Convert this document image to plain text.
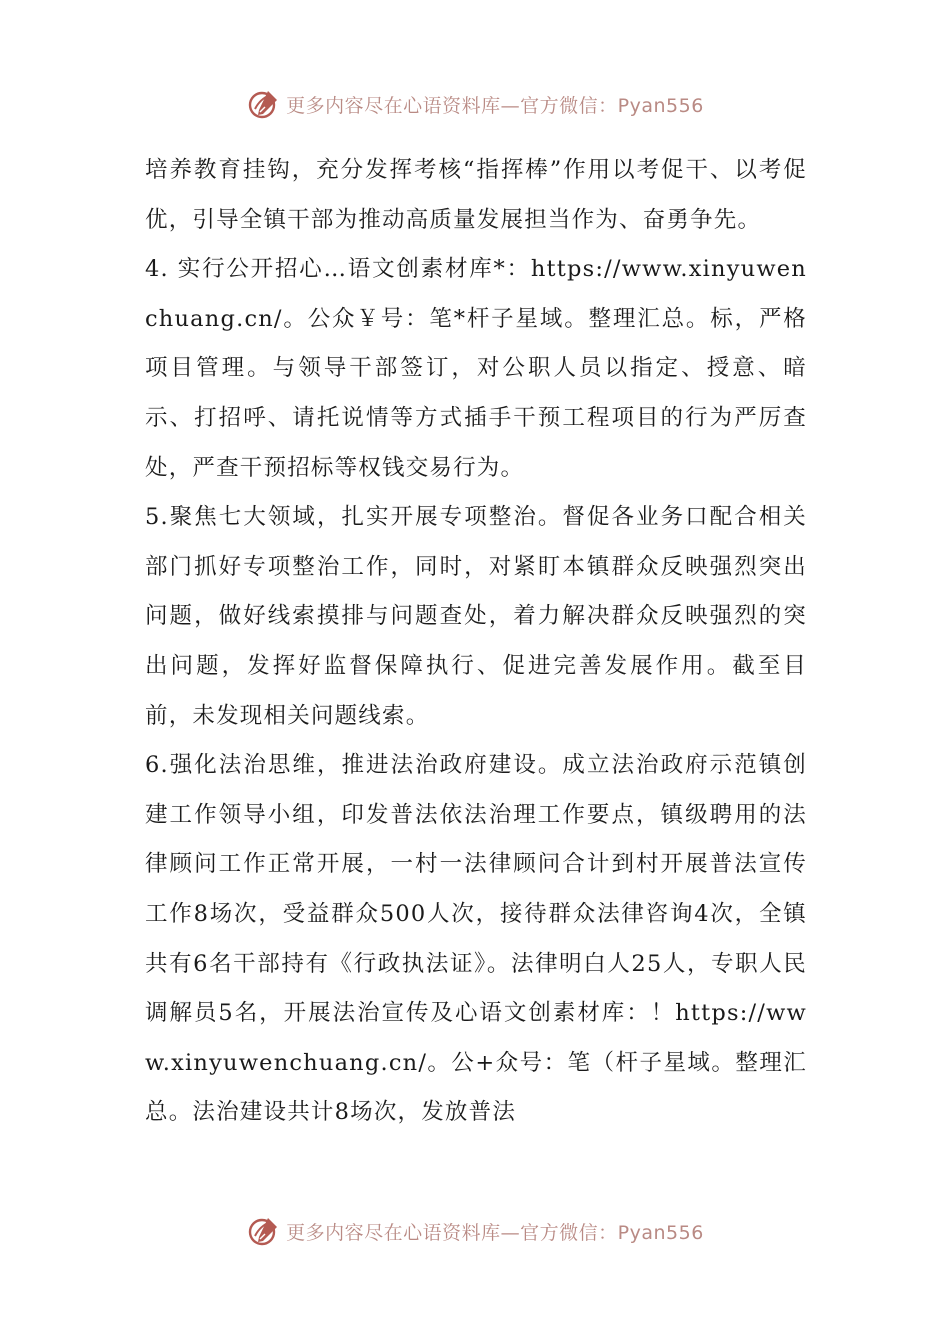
更多内容尽在心语资料库—官方微信：Pyan556

培养教育挂钩，充分发挥考核“指挥棒”作用以考促干、以考促优，引导全镇干部为推动高质量发展担当作为、奋勇争先。

4. 实行公开招心…语文创素材库*：https://www.xinyuwenchuang.cn/。公众￥号：笔*杆子星域。整理汇总。标，严格项目管理。与领导干部签订，对公职人员以指定、授意、暗示、打招呼、请托说情等方式插手干预工程项目的行为严厉查处，严查干预招标等权钱交易行为。

5.聚焦七大领域，扎实开展专项整治。督促各业务口配合相关部门抓好专项整治工作，同时，对紧盯本镇群众反映强烈突出问题，做好线索摸排与问题查处，着力解决群众反映强烈的突出问题，发挥好监督保障执行、促进完善发展作用。截至目前，未发现相关问题线索。

6.强化法治思维，推进法治政府建设。成立法治政府示范镇创建工作领导小组，印发普法依法治理工作要点，镇级聘用的法律顾问工作正常开展，一村一法律顾问合计到村开展普法宣传工作8场次，受益群众500人次，接待群众法律咨询4次，全镇共有6名干部持有《行政执法证》。法律明白人25人，专职人民调解员5名，开展法治宣传及心语文创素材库：！https://www.xinyuwenchuang.cn/。公+众号：笔（杆子星域。整理汇总。法治建设共计8场次，发放普法

更多内容尽在心语资料库—官方微信：Pyan556
